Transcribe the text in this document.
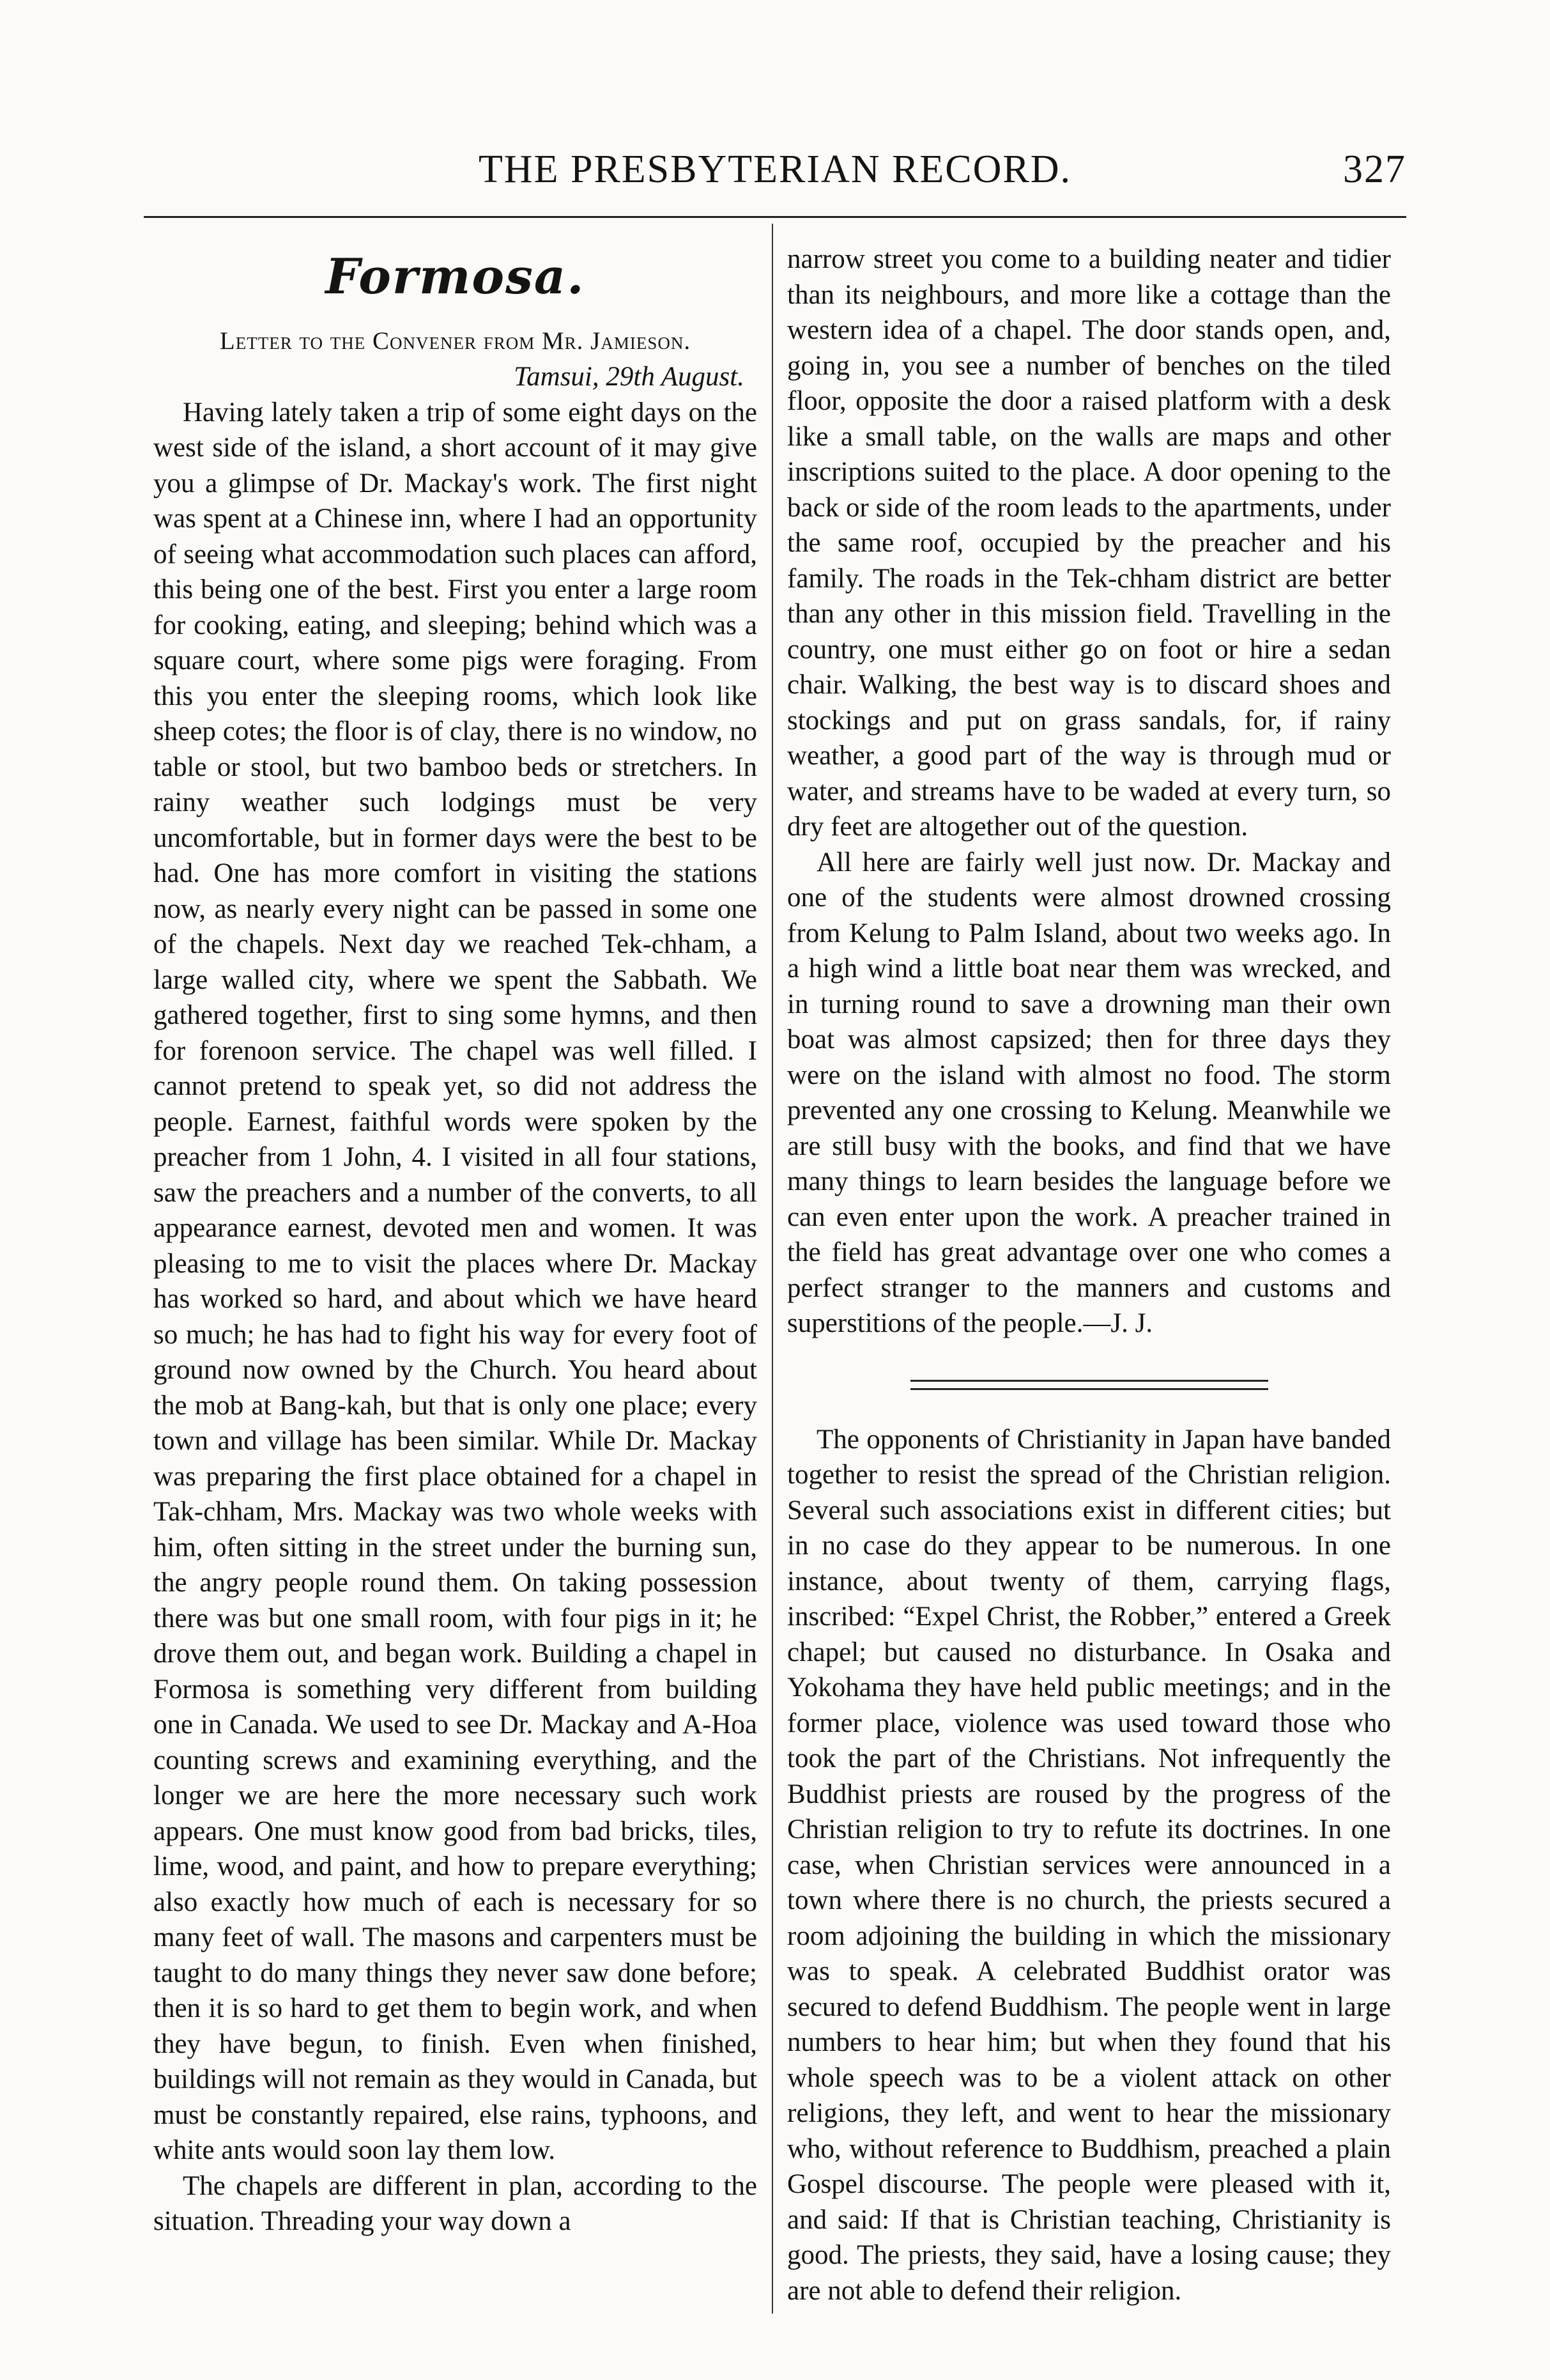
THE PRESBYTERIAN RECORD.	327
Formosa.

Letter to the Convener from Mr. Jamieson.

Tamsui, 29th August.

Having lately taken a trip of some eight days on the west side of the island, a short account of it may give you a glimpse of Dr. Mackay's work. The first night was spent at a Chinese inn, where I had an opportunity of seeing what accommodation such places can afford, this being one of the best. First you enter a large room for cooking, eating, and sleeping; behind which was a square court, where some pigs were foraging. From this you enter the sleeping rooms, which look like sheep cotes; the floor is of clay, there is no window, no table or stool, but two bamboo beds or stretchers. In rainy weather such lodgings must be very uncomfortable, but in former days were the best to be had. One has more comfort in visiting the stations now, as nearly every night can be passed in some one of the chapels. Next day we reached Tek-chham, a large walled city, where we spent the Sabbath. We gathered together, first to sing some hymns, and then for forenoon service. The chapel was well filled. I cannot pretend to speak yet, so did not address the people. Earnest, faithful words were spoken by the preacher from 1 John, 4. I visited in all four stations, saw the preachers and a number of the converts, to all appearance earnest, devoted men and women. It was pleasing to me to visit the places where Dr. Mackay has worked so hard, and about which we have heard so much; he has had to fight his way for every foot of ground now owned by the Church. You heard about the mob at Bang-kah, but that is only one place; every town and village has been similar. While Dr. Mackay was preparing the first place obtained for a chapel in Tak-chham, Mrs. Mackay was two whole weeks with him, often sitting in the street under the burning sun, the angry people round them. On taking possession there was but one small room, with four pigs in it; he drove them out, and began work. Building a chapel in Formosa is something very different from building one in Canada. We used to see Dr. Mackay and A-Hoa counting screws and examining everything, and the longer we are here the more necessary such work appears. One must know good from bad bricks, tiles, lime, wood, and paint, and how to prepare everything; also exactly how much of each is necessary for so many feet of wall. The masons and carpenters must be taught to do many things they never saw done before; then it is so hard to get them to begin work, and when they have begun, to finish. Even when finished, buildings will not remain as they would in Canada, but must be constantly repaired, else rains, typhoons, and white ants would soon lay them low.

The chapels are different in plan, according to the situation. Threading your way down a

narrow street you come to a building neater and tidier than its neighbours, and more like a cottage than the western idea of a chapel. The door stands open, and, going in, you see a number of benches on the tiled floor, opposite the door a raised platform with a desk like a small table, on the walls are maps and other inscriptions suited to the place. A door opening to the back or side of the room leads to the apartments, under the same roof, occupied by the preacher and his family. The roads in the Tek-chham district are better than any other in this mission field. Travelling in the country, one must either go on foot or hire a sedan chair. Walking, the best way is to discard shoes and stockings and put on grass sandals, for, if rainy weather, a good part of the way is through mud or water, and streams have to be waded at every turn, so dry feet are altogether out of the question.

All here are fairly well just now. Dr. Mackay and one of the students were almost drowned crossing from Kelung to Palm Island, about two weeks ago. In a high wind a little boat near them was wrecked, and in turning round to save a drowning man their own boat was almost capsized; then for three days they were on the island with almost no food. The storm prevented any one crossing to Kelung. Meanwhile we are still busy with the books, and find that we have many things to learn besides the language before we can even enter upon the work. A preacher trained in the field has great advantage over one who comes a perfect stranger to the manners and customs and superstitions of the people.—J. J.

The opponents of Christianity in Japan have banded together to resist the spread of the Christian religion. Several such associations exist in different cities; but in no case do they appear to be numerous. In one instance, about twenty of them, carrying flags, inscribed: “Expel Christ, the Robber,” entered a Greek chapel; but caused no disturbance. In Osaka and Yokohama they have held public meetings; and in the former place, violence was used toward those who took the part of the Christians. Not infrequently the Buddhist priests are roused by the progress of the Christian religion to try to refute its doctrines. In one case, when Christian services were announced in a town where there is no church, the priests secured a room adjoining the building in which the missionary was to speak. A celebrated Buddhist orator was secured to defend Buddhism. The people went in large numbers to hear him; but when they found that his whole speech was to be a violent attack on other religions, they left, and went to hear the missionary who, without reference to Buddhism, preached a plain Gospel discourse. The people were pleased with it, and said: If that is Christian teaching, Christianity is good. The priests, they said, have a losing cause; they are not able to defend their religion.
